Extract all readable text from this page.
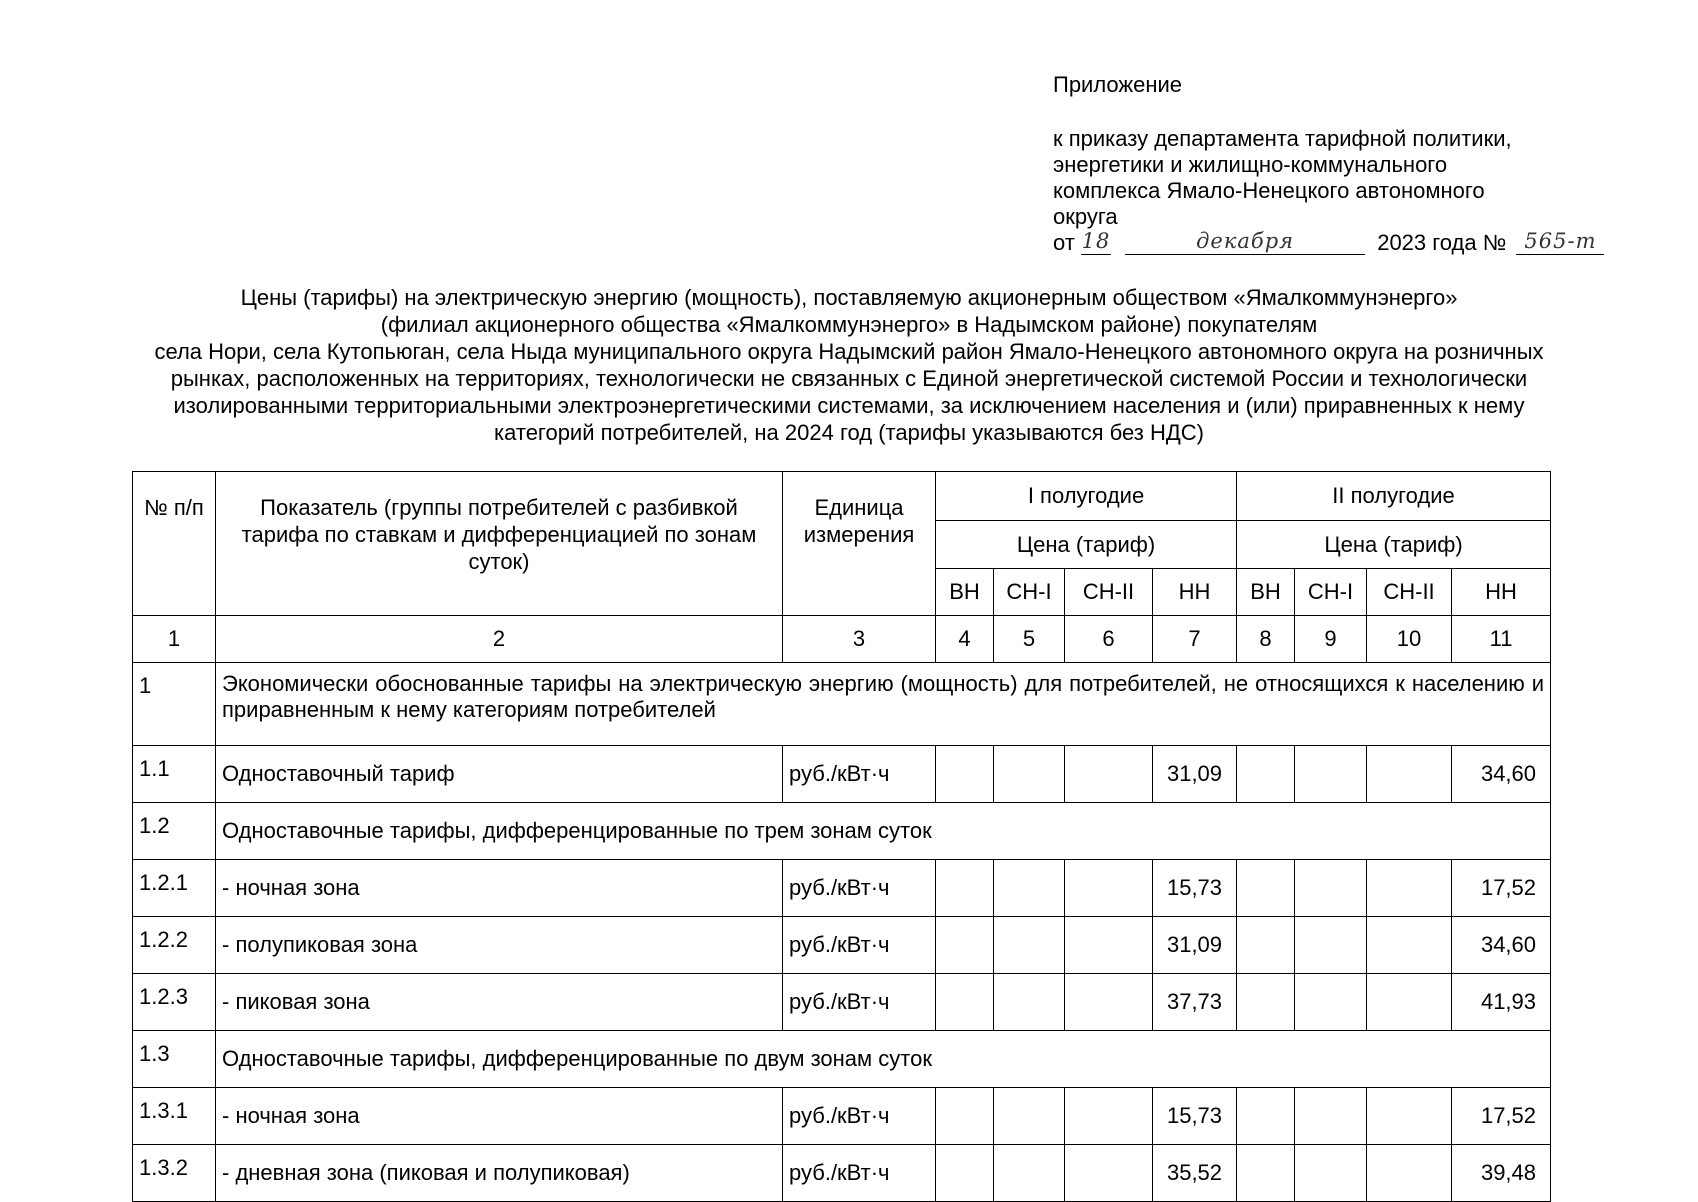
Приложение
к приказу департамента тарифной политики,
энергетики и жилищно-коммунального
комплекса Ямало-Ненецкого автономного
округа
от 18	декабря	2023 года № 565-т
Цены (тарифы) на электрическую энергию (мощность), поставляемую акционерным обществом «Ямалкоммунэнерго»
(филиал акционерного общества «Ямалкоммунэнерго» в Надымском районе) покупателям
села Нори, села Кутопьюган, села Ныда муниципального округа Надымский район Ямало-Ненецкого автономного округа на розничных
рынках, расположенных на территориях, технологически не связанных с Единой энергетической системой России и технологически
изолированными территориальными электроэнергетическими системами, за исключением населения и (или) приравненных к нему
категорий потребителей, на 2024 год (тарифы указываются без НДС)
№ п/п	Показатель (группы потребителей с разбивкой тарифа по ставкам и дифференциацией по зонам суток)	Единица измерения	I полугодие				II полугодие			
			Цена (тариф)				Цена (тариф)			
			ВН	СН-I	СН-II	НН	ВН	СН-I	СН-II	НН
1	2	3	4	5	6	7	8	9	10	11
1	Экономически обоснованные тарифы на электрическую энергию (мощность) для потребителей, не относящихся к населению и приравненным к нему категориям потребителей									
1.1	Одноставочный тариф	руб./кВт·ч				31,09				34,60
1.2	Одноставочные тарифы, дифференцированные по трем зонам суток									
1.2.1	- ночная зона	руб./кВт·ч				15,73				17,52
1.2.2	- полупиковая зона	руб./кВт·ч				31,09				34,60
1.2.3	- пиковая зона	руб./кВт·ч				37,73				41,93
1.3	Одноставочные тарифы, дифференцированные по двум зонам суток									
1.3.1	- ночная зона	руб./кВт·ч				15,73				17,52
1.3.2	- дневная зона (пиковая и полупиковая)	руб./кВт·ч				35,52				39,48
